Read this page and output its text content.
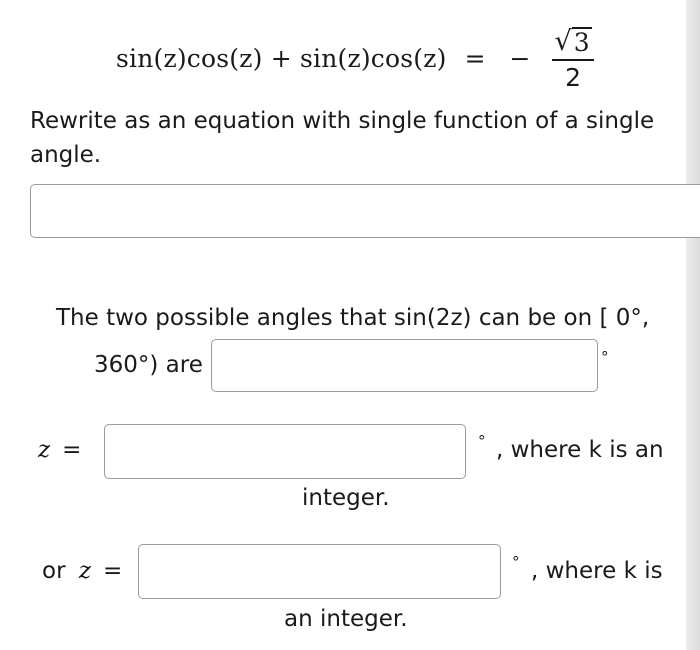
sin(z)cos(z) + sin(z)cos(z) = − $\frac{√ 3}{2}$
Rewrite as an equation with single function of a single angle.
The two possible angles that sin(2z) can be on [ 0°,
360°) are	°
z =	° , where k is an
integer.
or z =	° , where k is
an integer.
